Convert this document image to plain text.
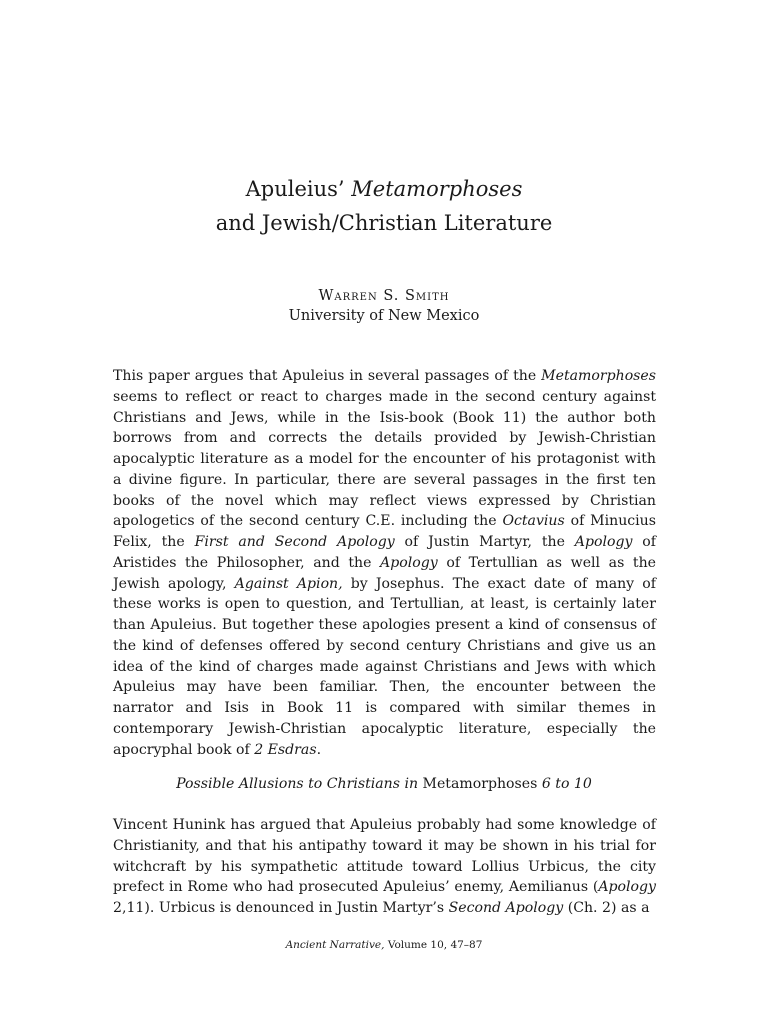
Apuleius’ Metamorphoses

and Jewish/Christian Literature

Warren S. Smith
University of New Mexico

This paper argues that Apuleius in several passages of the Metamorphoses seems to reflect or react to charges made in the second century against Christians and Jews, while in the Isis-book (Book 11) the author both borrows from and corrects the details provided by Jewish-Christian apocalyptic literature as a model for the encounter of his protagonist with a divine figure. In particular, there are several passages in the first ten books of the novel which may reflect views expressed by Christian apologetics of the second century C.E. including the Octavius of Minucius Felix, the First and Second Apology of Justin Martyr, the Apology of Aristides the Philosopher, and the Apology of Tertullian as well as the Jewish apology, Against Apion, by Josephus. The exact date of many of these works is open to question, and Tertullian, at least, is certainly later than Apuleius. But together these apologies present a kind of consensus of the kind of defenses offered by second century Christians and give us an idea of the kind of charges made against Christians and Jews with which Apuleius may have been familiar. Then, the encounter between the narrator and Isis in Book 11 is compared with similar themes in contemporary Jewish-Christian apocalyptic literature, especially the apocryphal book of 2 Esdras.

Possible Allusions to Christians in Metamorphoses 6 to 10

Vincent Hunink has argued that Apuleius probably had some knowledge of Christianity, and that his antipathy toward it may be shown in his trial for witchcraft by his sympathetic attitude toward Lollius Urbicus, the city prefect in Rome who had prosecuted Apuleius’ enemy, Aemilianus (Apology 2,11). Urbicus is denounced in Justin Martyr’s Second Apology (Ch. 2) as a

Ancient Narrative, Volume 10, 47–87
